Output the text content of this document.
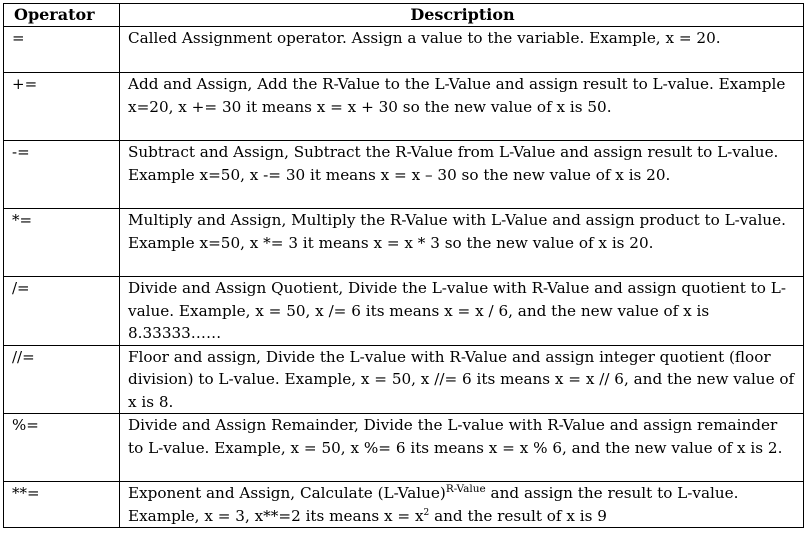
Operator	Description
=	Called Assignment operator. Assign a value to the variable. Example, x = 20.
+=	Add and Assign, Add the R-Value to the L-Value and assign result to L-value. Example x=20, x += 30 it means x = x + 30 so the new value of x is 50.
-=	Subtract and Assign, Subtract the R-Value from L-Value and assign result to L-value. Example x=50, x -= 30 it means x = x – 30 so the new value of x is 20.
*=	Multiply and Assign, Multiply the R-Value with L-Value and assign product to L-value. Example x=50, x *= 3 it means x = x * 3 so the new value of x is 20.
/=	Divide and Assign Quotient, Divide the L-value with R-Value and assign quotient to L-value. Example, x = 50, x /= 6 its means x = x / 6, and the new value of x is 8.33333……
//=	Floor and assign, Divide the L-value with R-Value and assign integer quotient (floor division) to L-value. Example, x = 50, x //= 6 its means x = x // 6, and the new value of x is 8.
%=	Divide and Assign Remainder, Divide the L-value with R-Value and assign remainder to L-value. Example, x = 50, x %= 6 its means x = x % 6, and the new value of x is 2.
**=	Exponent and Assign, Calculate (L-Value)$^{R-Value}$ and assign the result to L-value. Example, x = 3, x**=2 its means $x = x^2$ and the result of x is 9
